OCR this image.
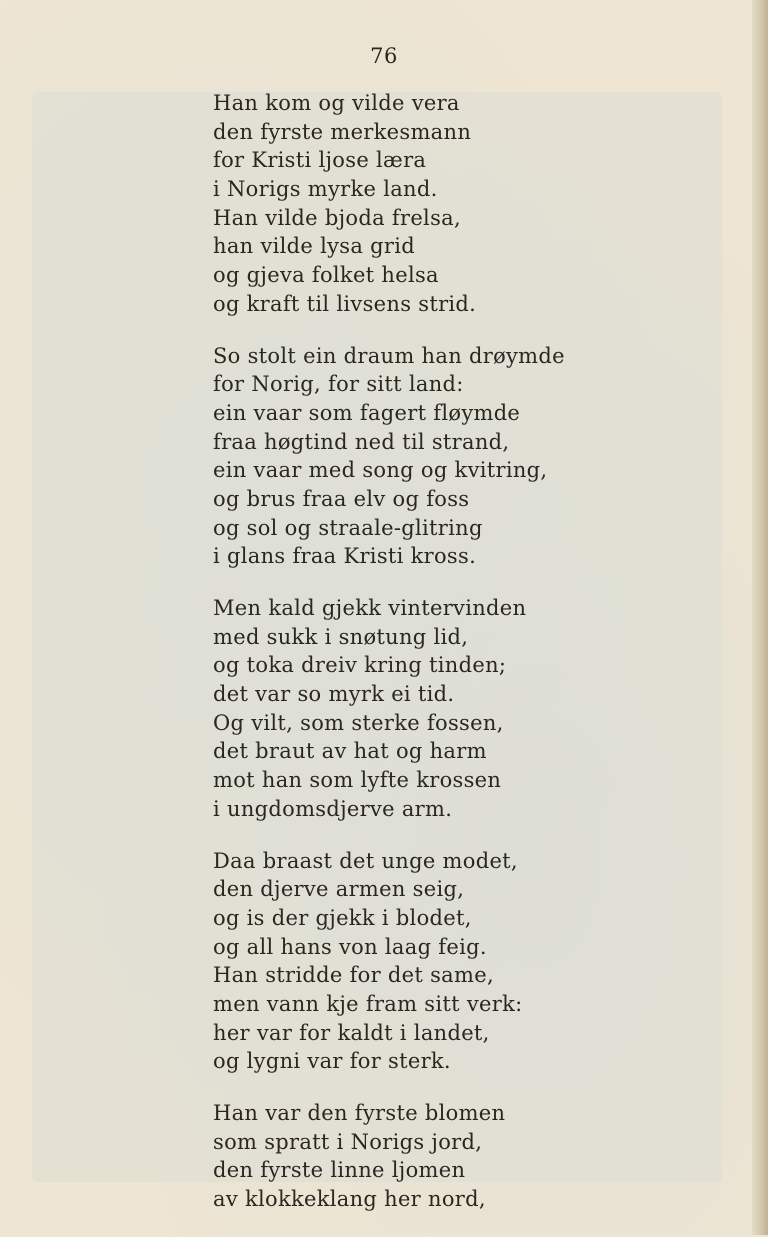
76
Han kom og vilde vera
den fyrste merkesmann
for Kristi ljose læra
i Norigs myrke land.
Han vilde bjoda frelsa,
han vilde lysa grid
og gjeva folket helsa
og kraft til livsens strid.
So stolt ein draum han drøymde
for Norig, for sitt land:
ein vaar som fagert fløymde
fraa høgtind ned til strand,
ein vaar med song og kvitring,
og brus fraa elv og foss
og sol og straale-glitring
i glans fraa Kristi kross.
Men kald gjekk vintervinden
med sukk i snøtung lid,
og toka dreiv kring tinden;
det var so myrk ei tid.
Og vilt, som sterke fossen,
det braut av hat og harm
mot han som lyfte krossen
i ungdomsdjerve arm.
Daa braast det unge modet,
den djerve armen seig,
og is der gjekk i blodet,
og all hans von laag feig.
Han stridde for det same,
men vann kje fram sitt verk:
her var for kaldt i landet,
og lygni var for sterk.
Han var den fyrste blomen
som spratt i Norigs jord,
den fyrste linne ljomen
av klokkeklang her nord,
